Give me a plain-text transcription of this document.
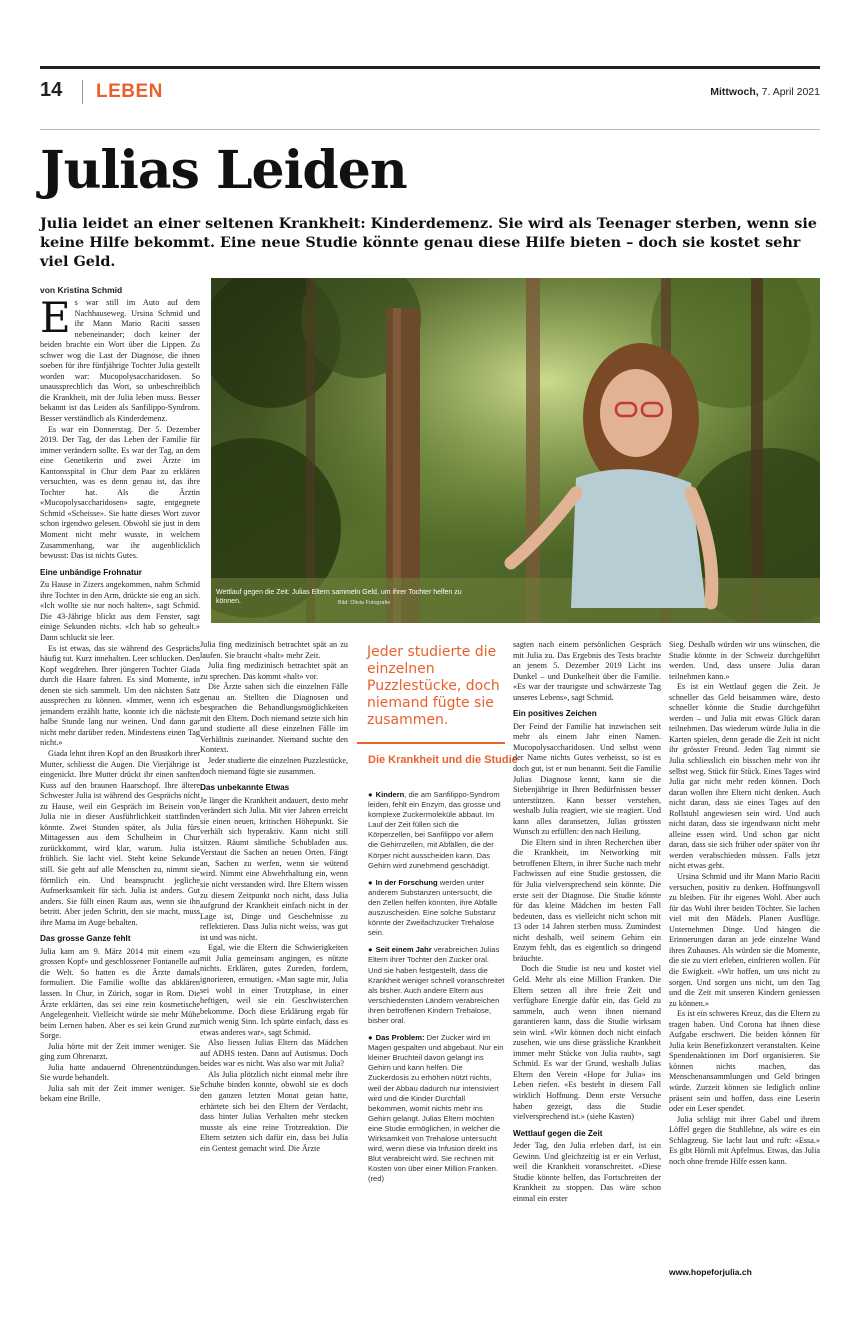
14 LEBEN	Mittwoch, 7. April 2021
Julias Leiden

Julia leidet an einer seltenen Krankheit: Kinderdemenz. Sie wird als Teenager sterben, wenn sie keine Hilfe bekommt. Eine neue Studie könnte genau diese Hilfe bieten – doch sie kostet sehr viel Geld.

von Kristina Schmid
Wettlauf gegen die Zeit: Julias Eltern sammeln Geld, um ihrer Tochter helfen zu können.	Bild: Olivia Fotografie

Es war still im Auto auf dem Nachhauseweg. Ursina Schmid und ihr Mann Mario Raciti sassen nebeneinander; doch keiner der beiden brachte ein Wort über die Lippen. Zu schwer wog die Last der Diagnose, die ihnen soeben für ihre fünfjährige Tochter Julia gestellt worden war: Mucopolysaccharidosen. So unaussprechlich das Wort, so unbeschreiblich die Krankheit, mit der Julia leben muss. Besser bekannt ist das Leiden als Sanfilippo-Syndrom. Besser verständlich als Kinderdemenz.

Es war ein Donnerstag. Der 5. Dezember 2019. Der Tag, der das Leben der Familie für immer verändern sollte. Es war der Tag, an dem eine Genetikerin und zwei Ärzte im Kantonsspital in Chur dem Paar zu erklären versuchten, was es denn genau ist, das ihre Tochter hat. Als die Ärztin «Mucopolysaccharidosen» sagte, entgegnete Schmid «Scheisse». Sie hatte dieses Wort zuvor schon irgendwo gelesen. Obwohl sie just in dem Moment nicht mehr wusste, in welchem Zusammenhang, war ihr augenblicklich bewusst: Das ist nichts Gutes.

Eine unbändige Frohnatur

Zu Hause in Zizers angekommen, nahm Schmid ihre Tochter in den Arm, drückte sie eng an sich. «Ich wollte sie nur noch halten», sagt Schmid. Die 43-Jährige blickt aus dem Fenster, sagt einige Sekunden nichts. «Ich hab so geheult.» Dann schluckt sie leer.

Es ist etwas, das sie während des Gesprächs häufig tut. Kurz innehalten. Leer schlucken. Den Kopf wegdrehen. Ihrer jüngeren Tochter Giada durch die Haare fahren. Es sind Momente, in denen sie sich sammelt. Um den nächsten Satz aussprechen zu können. «Immer, wenn ich es jemandem erzählt hatte, konnte ich die nächste halbe Stunde lang nur weinen. Und dann gar nicht mehr darüber reden. Mindestens einen Tag nicht.»

Giada lehnt ihren Kopf an den Brustkorb ihrer Mutter, schliesst die Augen. Die Vierjährige ist eingenickt. Ihre Mutter drückt ihr einen sanften Kuss auf den braunen Haarschopf. Ihre ältere Schwester Julia ist während des Gesprächs nicht zu Hause, weil ein Gespräch im Beisein von Julia nie in dieser Ausführlichkeit stattfinden könnte. Zwei Stunden später, als Julia fürs Mittagessen aus dem Schulheim in Chur zurückkommt, wird klar, warum. Julia ist fröhlich. Sie lacht viel. Steht keine Sekunde still. Sie geht auf alle Menschen zu, nimmt sie förmlich ein. Und beansprucht jegliche Aufmerksamkeit für sich. Julia ist anders. Gut anders. Sie füllt einen Raum aus, wenn sie ihn betritt. Aber jeden Schritt, den sie macht, muss ihre Mama im Auge behalten.

Das grosse Ganze fehlt

Julia kam am 9. März 2014 mit einem «zu grossen Kopf» und geschlossener Fontanelle auf die Welt. So hatten es die Ärzte damals formuliert. Die Familie wollte das abklären lassen. In Chur, in Zürich, sogar in Rom. Die Ärzte erklärten, das sei eine rein kosmetische Angelegenheit. Vielleicht würde sie mehr Mühe beim Lernen haben. Aber es sei kein Grund zur Sorge.

Julia hörte mit der Zeit immer weniger. Sie ging zum Ohrenarzt.

Julia hatte andauernd Ohrenentzündungen. Sie wurde behandelt.

Julia sah mit der Zeit immer weniger. Sie bekam eine Brille.

Julia fing medizinisch betrachtet spät an zu laufen. Sie braucht «halt» mehr Zeit.

Julia fing medizinisch betrachtet spät an zu sprechen. Das kommt «halt» vor.

Die Ärzte sahen sich die einzelnen Fälle genau an. Stellten die Diagnosen und besprachen die Behandlungsmöglichkeiten mit den Eltern. Doch niemand setzte sich hin und studierte all diese einzelnen Fälle im Verhältnis zueinander. Niemand suchte den Kontext.

Jeder studierte die einzelnen Puzzlestücke, doch niemand fügte sie zusammen.

Das unbekannte Etwas

Je länger die Krankheit andauert, desto mehr verändert sich Julia. Mit vier Jahren erreicht sie einen neuen, kritischen Höhepunkt. Sie verhält sich hyperaktiv. Kann nicht still sitzen. Räumt sämtliche Schubladen aus. Verstaut die Sachen an neuen Orten. Fängt an, Sachen zu werfen, wenn sie wütend wird. Nimmt eine Abwehrhaltung ein, wenn sie nicht verstanden wird. Ihre Eltern wissen zu diesem Zeitpunkt noch nicht, dass Julia aufgrund der Krankheit einfach nicht in der Lage ist, Dinge und Geschehnisse zu reflektieren. Dass Julia nicht weiss, was gut ist und was nicht.

Egal, wie die Eltern die Schwierigkeiten mit Julia gemeinsam angingen, es nützte nichts. Erklären, gutes Zureden, fordern, ignorieren, ermutigen. «Man sagte mir, Julia sei wohl in einer Trotzphase, in einer heftigen, weil sie ein Geschwisterchen bekomme. Doch diese Erklärung ergab für mich wenig Sinn. Ich spürte einfach, dass es etwas anderes war», sagt Schmid.

Also liessen Julias Eltern das Mädchen auf ADHS testen. Dann auf Autismus. Doch beides war es nicht. Was also war mit Julia?

Als Julia plötzlich nicht einmal mehr ihre Schuhe binden konnte, obwohl sie es doch den ganzen letzten Monat getan hatte, erhärtete sich bei den Eltern der Verdacht, dass hinter Julias Verhalten mehr stecken musste als eine reine Trotzreaktion. Die Eltern setzten sich dafür ein, dass bei Julia ein Gentest gemacht wird. Die Ärzte

Jeder studierte die einzelnen Puzzlestücke, doch niemand fügte sie zusammen.
Die Krankheit und die Studie

● Kindern, die am Sanfilippo-Syndrom leiden, fehlt ein Enzym, das grosse und komplexe Zuckermoleküle abbaut. Im Lauf der Zeit füllen sich die Körperzellen, bei Sanfilippo vor allem die Gehirnzellen, mit Abfällen, die der Körper nicht ausscheiden kann. Das Gehirn wird zunehmend geschädigt.

● In der Forschung werden unter anderem Substanzen untersucht, die den Zellen helfen könnten, ihre Abfälle auszuscheiden. Eine solche Substanz könnte der Zweifachzucker Trehalose sein.

● Seit einem Jahr verabreichen Julias Eltern ihrer Tochter den Zucker oral. Und sie haben festgestellt, dass die Krankheit weniger schnell voranschreitet als bisher. Auch andere Eltern aus verschiedensten Ländern verabreichen ihren betroffenen Kindern Trehalose, bisher oral.

● Das Problem: Der Zucker wird im Magen gespalten und abgebaut. Nur ein kleiner Bruchteil davon gelangt ins Gehirn und kann helfen. Die Zuckerdosis zu erhöhen nützt nichts, weil der Abbau dadurch nur intensiviert wird und die Kinder Durchfall bekommen, womit nichts mehr ins Gehirn gelangt. Julias Eltern möchten eine Studie ermöglichen, in welcher die Wirksamkeit von Trehalose untersucht wird, wenn diese via Infusion direkt ins Blut verabreicht wird. Sie rechnen mit Kosten von über einer Million Franken. (red)

sagten nach einem persönlichen Gespräch mit Julia zu. Das Ergebnis des Tests brachte an jenem 5. Dezember 2019 Licht ins Dunkel – und Dunkelheit über die Familie. «Es war der traurigste und schwärzeste Tag unseres Lebens», sagt Schmid.

Ein positives Zeichen

Der Feind der Familie hat inzwischen seit mehr als einem Jahr einen Namen. Mucopolysaccharidosen. Und selbst wenn der Name nichts Gutes verheisst, so ist es doch gut, ist er nun benannt. Seit die Familie Julias Diagnose kennt, kann sie die Siebenjährige in Ihren Bedürfnissen besser unterstützen. Kann besser verstehen, weshalb Julia reagiert, wie sie reagiert. Und kann alles daransetzen, Julias grössten Wunsch zu erfüllen: den nach Heilung.

Die Eltern sind in ihren Recherchen über die Krankheit, im Networking mit betroffenen Eltern, in ihrer Suche nach mehr Fachwissen auf eine Studie gestossen, die für Julia vielversprechend sein könnte. Die erste seit der Diagnose. Die Studie könnte für das kleine Mädchen im besten Fall bedeuten, dass es vielleicht nicht schon mit 13 oder 14 Jahren sterben muss. Zumindest nicht deshalb, weil seinem Gehirn ein Enzym fehlt, das es eigentlich so dringend bräuchte.

Doch die Studie ist neu und kostet viel Geld. Mehr als eine Million Franken. Die Eltern setzen all ihre freie Zeit und verfügbare Energie dafür ein, das Geld zu sammeln, auch wenn ihnen niemand garantieren kann, dass die Studie wirksam sein wird. «Wir können doch nicht einfach zusehen, wie uns diese grässliche Krankheit immer mehr Stücke von Julia raubt», sagt Schmid. Es war der Grund, weshalb Julias Eltern den Verein «Hope for Julia» ins Leben riefen. «Es besteht in diesem Fall wirklich Hoffnung. Denn erste Versuche haben gezeigt, dass die Studie vielversprechend ist.» (siehe Kasten)

Wettlauf gegen die Zeit

Jeder Tag, den Julia erleben darf, ist ein Gewinn. Und gleichzeitig ist er ein Verlust, weil die Krankheit voranschreitet. «Diese Studie könnte helfen, das Fortschreiten der Krankheit zu stoppen. Das wäre schon einmal ein erster

Sieg. Deshalb würden wir uns wünschen, die Studie könnte in der Schweiz durchgeführt werden. Und, dass unsere Julia daran teilnehmen kann.»

Es ist ein Wettlauf gegen die Zeit. Je schneller das Geld beisammen wäre, desto schneller könnte die Studie durchgeführt werden – und Julia mit etwas Glück daran teilnehmen. Das wiederum würde Julia in die Karten spielen, denn gerade die Zeit ist nicht ihr grösster Freund. Jeden Tag nimmt sie Julia schliesslich ein bisschen mehr von ihr selbst weg. Stück für Stück. Eines Tages wird Julia gar nicht mehr reden können. Doch daran wollen ihre Eltern nicht denken. Auch nicht daran, dass sie eines Tages auf den Rollstuhl angewiesen sein wird. Und auch nicht daran, dass sie irgendwann nicht mehr alleine essen wird. Und schon gar nicht daran, dass sie sich früher oder später von ihr werden verabschieden müssen. Falls jetzt nicht etwas geht.

Ursina Schmid und ihr Mann Mario Raciti versuchen, positiv zu denken. Hoffnungsvoll zu bleiben. Für ihr eigenes Wohl. Aber auch für das Wohl ihrer beiden Töchter. Sie lachen viel mit den Mädels. Planen Ausflüge. Unternehmen Dinge. Und hängen die Erinnerungen daran an jede einzelne Wand ihres Zuhauses. Als würden sie die Momente, die sie zu viert erleben, einfrieren wollen. Für die Ewigkeit. «Wir hoffen, um uns nicht zu sorgen. Und sorgen uns nicht, um den Tag und die Zeit mit unseren Kindern geniessen zu können.»

Es ist ein schweres Kreuz, das die Eltern zu tragen haben. Und Corona hat ihnen diese Aufgabe erschwert. Die beiden können für Julia kein Benefizkonzert veranstalten. Keine Spendenaktionen im Dorf organisieren. Sie können nichts machen, das Menschenansammlungen und Geld bringen würde. Zurzeit können sie lediglich online präsent sein und hoffen, dass eine Leserin oder ein Leser spendet.

Julia schlägt mit ihrer Gabel und ihrem Löffel gegen die Stuhllehne, als wäre es ein Schlagzeug. Sie lacht laut und ruft: «Essa.» Es gibt Hörnli mit Apfelmus. Etwas, das Julia noch ohne fremde Hilfe essen kann.

www.hopeforjulia.ch
